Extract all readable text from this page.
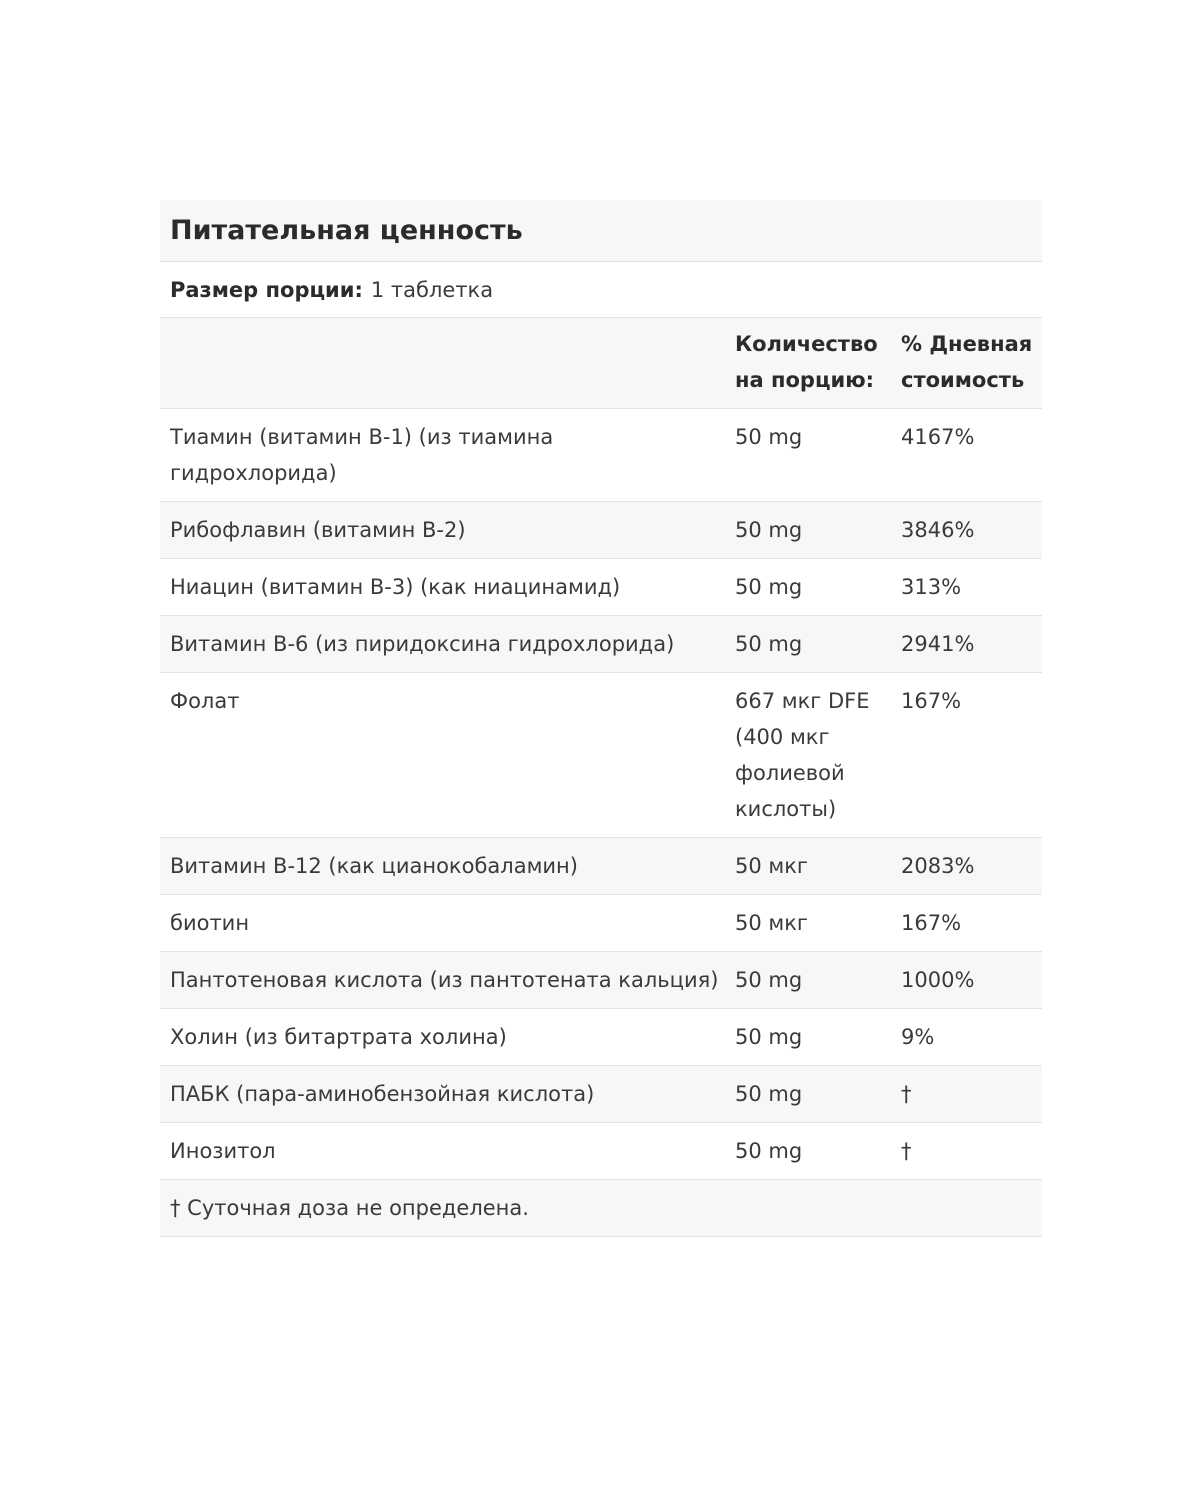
Питательная ценность
Размер порции: 1 таблетка
	Количество на порцию:	% Дневная стоимость
Тиамин (витамин B-1) (из тиамина гидрохлорида)	50 mg	4167%
Рибофлавин (витамин B-2)	50 mg	3846%
Ниацин (витамин B-3) (как ниацинамид)	50 mg	313%
Витамин B-6 (из пиридоксина гидрохлорида)	50 mg	2941%
Фолат	667 мкг DFE (400 мкг фолиевой кислоты)	167%
Витамин B-12 (как цианокобаламин)	50 мкг	2083%
биотин	50 мкг	167%
Пантотеновая кислота (из пантотената кальция)	50 mg	1000%
Холин (из битартрата холина)	50 mg	9%
ПАБК (пара-аминобензойная кислота)	50 mg	†
Инозитол	50 mg	†
† Суточная доза не определена.		
